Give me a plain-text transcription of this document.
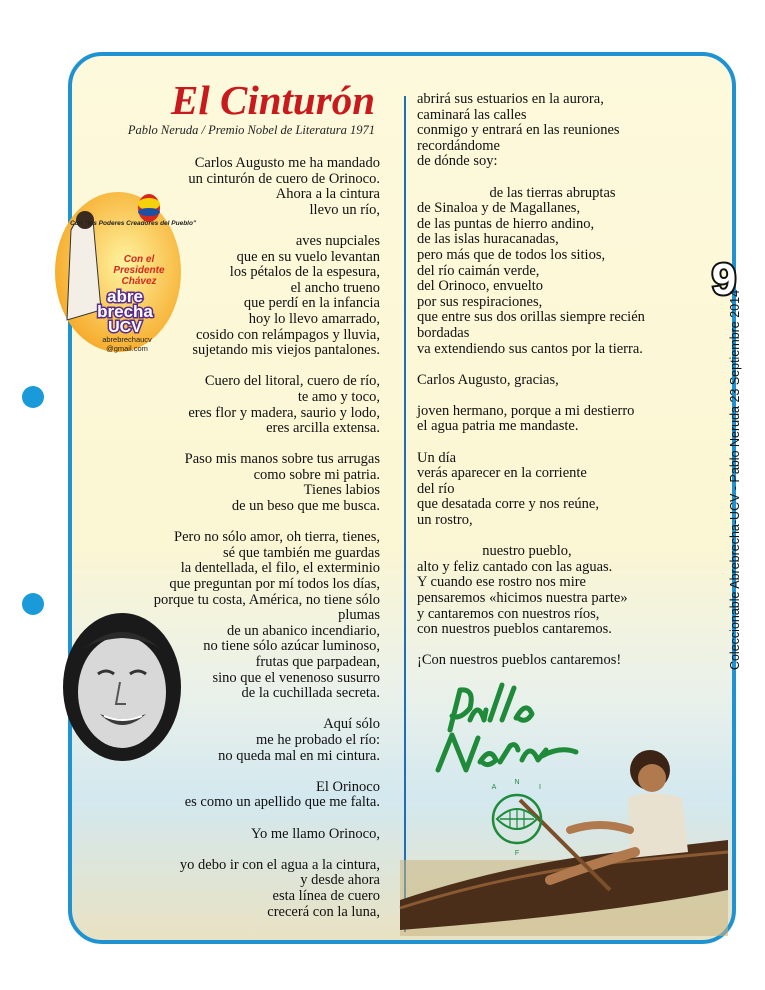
El Cinturón
Pablo Neruda / Premio Nobel de Literatura 1971
Carlos Augusto me ha mandado
un cinturón de cuero de Orinoco.
Ahora a la cintura
llevo un río,
aves nupciales
que en su vuelo levantan
los pétalos de la espesura,
el ancho trueno
que perdí en la infancia
hoy lo llevo amarrado,
cosido con relámpagos y lluvia,
sujetando mis viejos pantalones.
Cuero del litoral, cuero de río,
te amo y toco,
eres flor y madera, saurio y lodo,
eres arcilla extensa.
Paso mis manos sobre tus arrugas
como sobre mi patria.
Tienes labios
de un beso que me busca.
Pero no sólo amor, oh tierra, tienes,
sé que también me guardas
la dentellada, el filo, el exterminio
que preguntan por mí todos los días,
porque tu costa, América, no tiene sólo
plumas
de un abanico incendiario,
no tiene sólo azúcar luminoso,
frutas que parpadean,
sino que el venenoso susurro
de la cuchillada secreta.
Aquí sólo
me he probado el río:
no queda mal en mi cintura.
El Orinoco
es como un apellido que me falta.
Yo me llamo Orinoco,
yo debo ir con el agua a la cintura,
y desde ahora
esta línea de cuero
crecerá con la luna,
abrirá sus estuarios en la aurora,
caminará las calles
conmigo y entrará en las reuniones
recordándome
de dónde soy:
de las tierras abruptas
de Sinaloa y de Magallanes,
de las puntas de hierro andino,
de las islas huracanadas,
pero más que de todos los sitios,
del río caimán verde,
del Orinoco, envuelto
por sus respiraciones,
que entre sus dos orillas siempre recién
bordadas
va extendiendo sus cantos por la tierra.
Carlos Augusto, gracias,
joven hermano, porque a mi destierro
el agua patria me mandaste.
Un día
verás aparecer en la corriente
del río
que desatada corre y nos reúne,
un rostro,
nuestro pueblo,
alto y feliz cantado con las aguas.
Y cuando ese rostro nos mire
pensaremos «hicimos nuestra parte»
y cantaremos con nuestros ríos,
con nuestros pueblos cantaremos.
¡Con nuestros pueblos cantaremos!
Con "los Poderes Creadores del Pueblo"
Con el
Presidente
Chávez
abre
brecha
UCV
abrebrechaucv
@gmail.com
9
Coleccionable Abrebrecha-UCV - Pablo Neruda 23 Septiembre 2014
A
N
I
F
